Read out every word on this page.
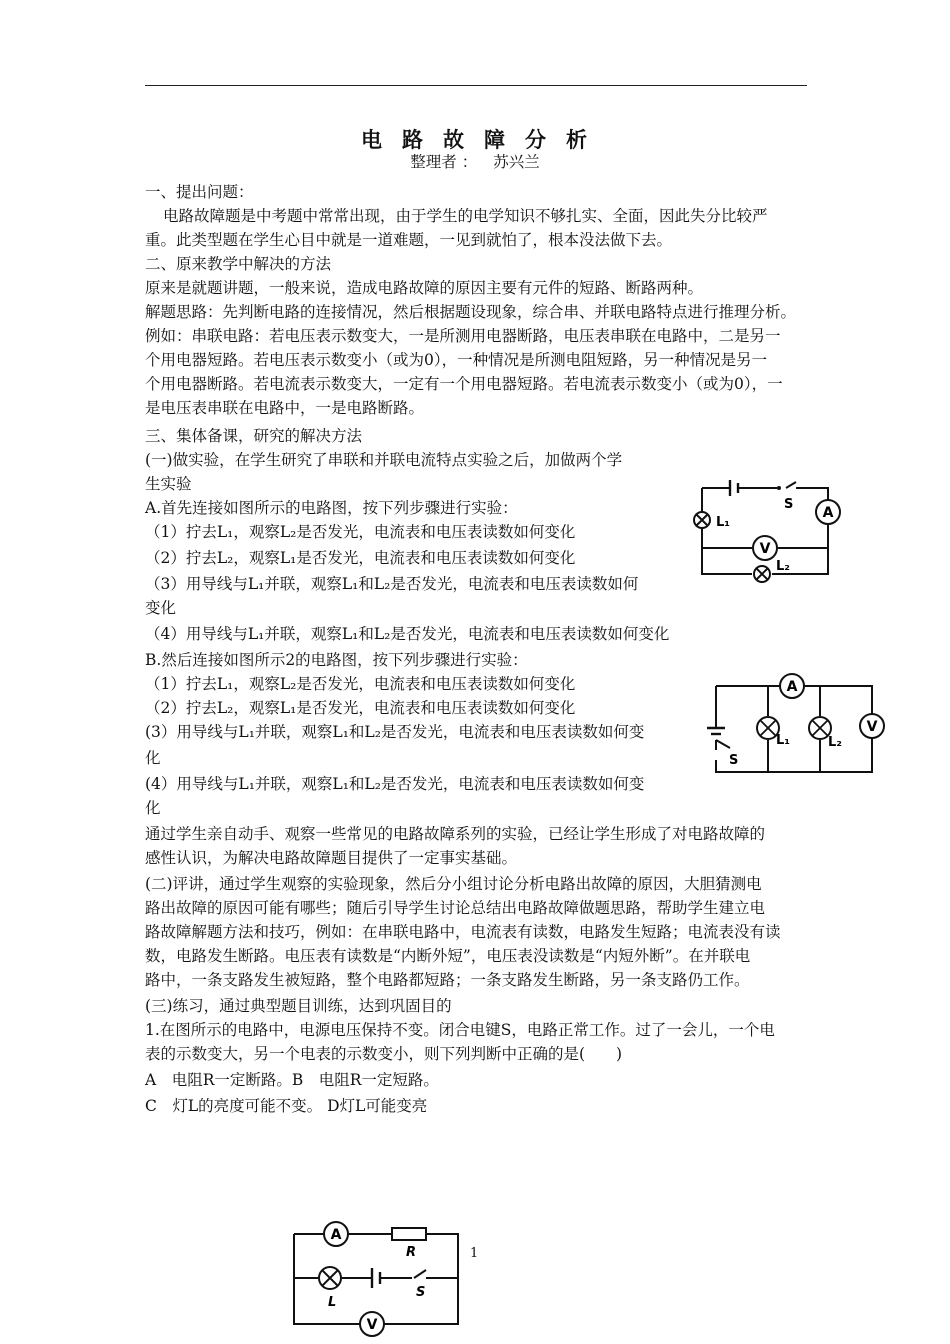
电路故障分析
整理者 ： 苏兴兰
一、提出问题：
电路故障题是中考题中常常出现，由于学生的电学知识不够扎实、全面，因此失分比较严
重。此类型题在学生心目中就是一道难题，一见到就怕了，根本没法做下去。
二、原来教学中解决的方法
原来是就题讲题，一般来说，造成电路故障的原因主要有元件的短路、断路两种。
解题思路：先判断电路的连接情况，然后根据题设现象，综合串、并联电路特点进行推理分析。
例如：串联电路：若电压表示数变大，一是所测用电器断路，电压表串联在电路中，二是另一
个用电器短路。若电压表示数变小（或为0），一种情况是所测电阻短路，另一种情况是另一
个用电器断路。若电流表示数变大，一定有一个用电器短路。若电流表示数变小（或为0），一
是电压表串联在电路中，一是电路断路。
三、集体备课，研究的解决方法
(一)做实验，在学生研究了串联和并联电流特点实验之后，加做两个学
生实验
A.首先连接如图所示的电路图，按下列步骤进行实验：
（1）拧去L₁，观察L₂是否发光，电流表和电压表读数如何变化
（2）拧去L₂，观察L₁是否发光，电流表和电压表读数如何变化
（3）用导线与L₁并联，观察L₁和L₂是否发光，电流表和电压表读数如何
变化
（4）用导线与L₁并联，观察L₁和L₂是否发光，电流表和电压表读数如何变化
B.然后连接如图所示2的电路图，按下列步骤进行实验：
（1）拧去L₁，观察L₂是否发光，电流表和电压表读数如何变化
（2）拧去L₂，观察L₁是否发光，电流表和电压表读数如何变化
(3）用导线与L₁并联，观察L₁和L₂是否发光，电流表和电压表读数如何变
化
(4）用导线与L₁并联，观察L₁和L₂是否发光，电流表和电压表读数如何变
化
通过学生亲自动手、观察一些常见的电路故障系列的实验，已经让学生形成了对电路故障的
感性认识，为解决电路故障题目提供了一定事实基础。
(二)评讲，通过学生观察的实验现象，然后分小组讨论分析电路出故障的原因，大胆猜测电
路出故障的原因可能有哪些；随后引导学生讨论总结出电路故障做题思路，帮助学生建立电
路故障解题方法和技巧，例如：在串联电路中，电流表有读数，电路发生短路；电流表没有读
数，电路发生断路。电压表有读数是“内断外短”，电压表没读数是“内短外断”。在并联电
路中，一条支路发生被短路，整个电路都短路；一条支路发生断路，另一条支路仍工作。
(三)练习，通过典型题目训练，达到巩固目的
1.在图所示的电路中，电源电压保持不变。闭合电键S，电路正常工作。过了一会儿，一个电
表的示数变大，另一个电表的示数变小，则下列判断中正确的是(　　)
A　电阻R一定断路。B　电阻R一定短路。
C　灯L的亮度可能不变。 D灯L可能变亮
S
A
V
L₁
L₂
S
A
V
L₁	L₂
A
V
R
L
S
1
